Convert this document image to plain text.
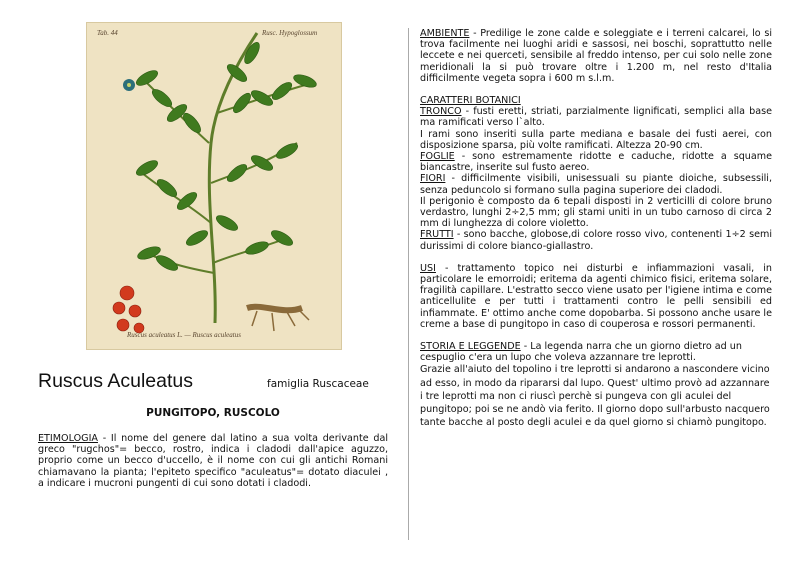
Tab. 44	Rusc. Hypoglossum
Ruscus aculeatus L. — Ruscus aculeatus
Ruscus Aculeatus	famiglia Ruscaceae
PUNGITOPO, RUSCOLO
ETIMOLOGIA - Il nome del genere dal latino a sua volta derivante dal greco "rugchos"= becco, rostro, indica i cladodi dall'apice aguzzo, proprio come un becco d'uccello, è il nome con cui gli antichi Romani chiamavano la pianta; l'epiteto specifico "aculeatus"= dotato diaculei , a indicare i mucroni pungenti di cui sono dotati i cladodi.

AMBIENTE - Predilige le zone calde e soleggiate e i terreni calcarei, lo si trova facilmente nei luoghi aridi e sassosi, nei boschi, soprattutto nelle leccete e nei querceti, sensibile al freddo intenso, per cui solo nelle zone meridionali la si può trovare oltre i 1.200 m, nel resto d'Italia difficilmente vegeta sopra i 600 m s.l.m.

CARATTERI BOTANICI

TRONCO - fusti eretti, striati, parzialmente lignificati, semplici alla base ma ramificati verso l`alto.

I rami sono inseriti sulla parte mediana e basale dei fusti aerei, con disposizione sparsa, più volte ramificati. Altezza 20-90 cm.

FOGLIE - sono estremamente ridotte e caduche, ridotte a squame biancastre, inserite sul fusto aereo.

FIORI - difficilmente visibili, unisessuali su piante dioiche, subsessili, senza peduncolo si formano sulla pagina superiore dei cladodi.

Il perigonio è composto da 6 tepali disposti in 2 verticilli di colore bruno verdastro, lunghi 2÷2,5 mm; gli stami uniti in un tubo carnoso di circa 2 mm di lunghezza di colore violetto.

FRUTTI - sono bacche, globose,di colore rosso vivo, contenenti 1÷2 semi durissimi di colore bianco-giallastro.

USI - trattamento topico nei disturbi e infiammazioni vasali, in particolare le emorroidi; eritema da agenti chimico fisici, eritema solare, fragilità capillare. L'estratto secco viene usato per l'igiene intima e come anticellulite e per tutti i trattamenti contro le pelli sensibili ed infiammate. E' ottimo anche come dopobarba. Si possono anche usare le creme a base di pungitopo in caso di couperosa e rossori permanenti.

STORIA E LEGGENDE - La legenda narra che un giorno dietro ad un cespuglio c'era un lupo che voleva azzannare tre leprotti.

Grazie all'aiuto del topolino i tre leprotti si andarono a nascondere vicino ad esso, in modo da ripararsi dal lupo. Quest' ultimo provò ad azzannare i tre leprotti ma non ci riuscì perchè si pungeva con gli aculei del pungitopo; poi se ne andò via ferito. Il giorno dopo sull'arbusto nacquero tante bacche al posto degli aculei e da quel giorno si chiamò pungitopo.
